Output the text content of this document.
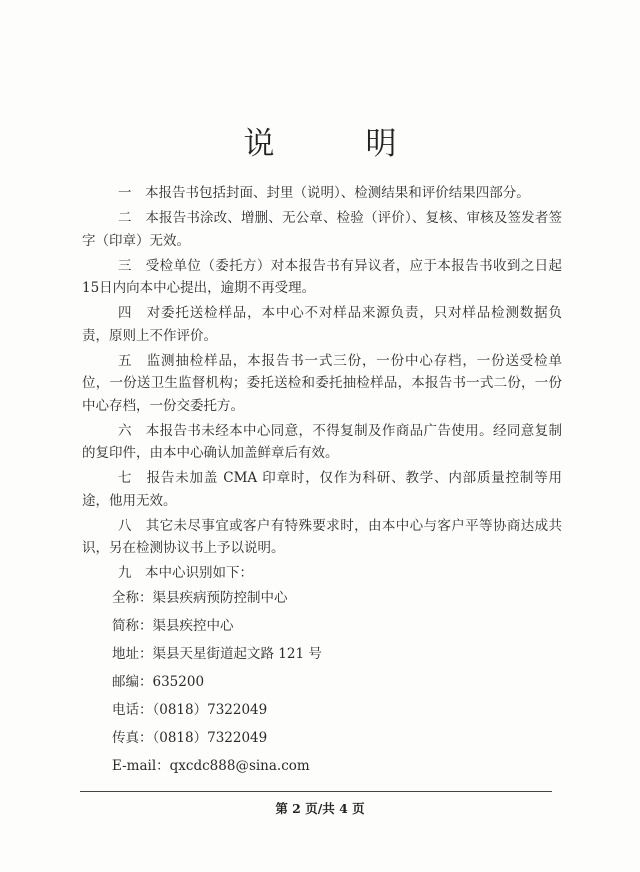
说　明

一　本报告书包括封面、封里（说明）、检测结果和评价结果四部分。

二　本报告书涂改、增删、无公章、检验（评价）、复核、审核及签发者签字（印章）无效。

三　受检单位（委托方）对本报告书有异议者，应于本报告书收到之日起15日内向本中心提出，逾期不再受理。

四　对委托送检样品，本中心不对样品来源负责，只对样品检测数据负责，原则上不作评价。

五　监测抽检样品，本报告书一式三份，一份中心存档，一份送受检单位，一份送卫生监督机构；委托送检和委托抽检样品，本报告书一式二份，一份中心存档，一份交委托方。

六　本报告书未经本中心同意，不得复制及作商品广告使用。经同意复制的复印件，由本中心确认加盖鲜章后有效。

七　报告未加盖 CMA 印章时，仅作为科研、教学、内部质量控制等用途，他用无效。

八　其它未尽事宜或客户有特殊要求时，由本中心与客户平等协商达成共识，另在检测协议书上予以说明。

九　本中心识别如下：

全称：渠县疾病预防控制中心

简称：渠县疾控中心

地址：渠县天星街道起文路 121 号

邮编：635200

电话：（0818）7322049

传真：（0818）7322049

E-mail：qxcdc888@sina.com

第 2 页/共 4 页
